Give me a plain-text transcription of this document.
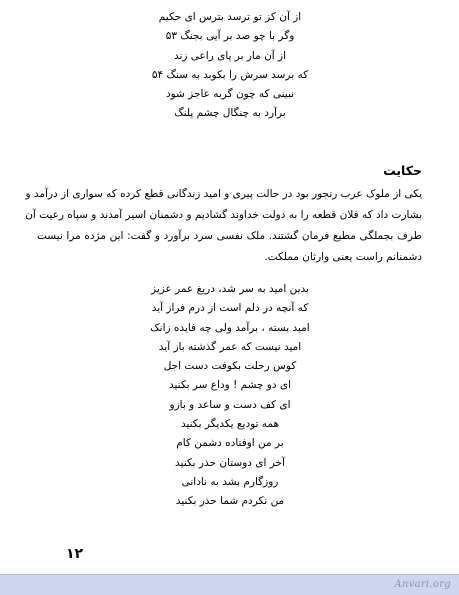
از آن کز تو ترسد بترس ای حکیم
وگر با چو صد بر آیی بجنگ ۵۳
از آن مار بر پای راعی زند
که برسد سرش را بکوبد به سنگ ۵۴
نبینی که چون گربه عاجز شود
برآرد به چنگال چشم پلنگ
حکایت
یکی از ملوک عرب رنجور بود در حالت پیری و امید زندگانی قطع کرده که سواری از درآمد و
بشارت داد که فلان قطعه را به دولت خداوند گشادیم و دشمنان اسیر آمدند و سپاه رعیت آن
طرف بجملگی مطیع فرمان گشتند. ملک نفسی سرد برآورد و گفت: این مژده مرا نیست
دشمنانم راست یعنی وارثان مملکت.
بدین امید به سر شد، دریغ عمر عزیز
که آنچه در دلم است از درم فراز آید
امید بسته ، برآمد ولی چه فایده زانک
امید نیست که عمر گذشته باز آید
کوس رحلت بکوفت دست اجل
ای دو چشم ! وداع سر بکنید
ای کف دست و ساعد و بازو
همه تودیع یکدیگر بکنید
بر من اوفتاده دشمن کام
آخر ای دوستان حذر بکنید
روزگارم بشد به نادانی
من نکردم شما حذر بکنید
۱۲
Anvari.org
